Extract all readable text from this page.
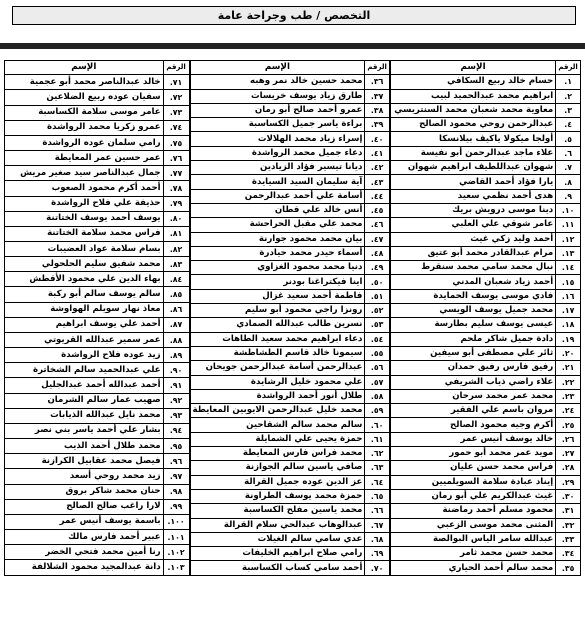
التخصص / طب وجراحة عامة
الرقم	الإسم
١.	حسام خالد ربيع السكافي
٢.	ابراهيم محمد عبدالحميد لبيب
٣.	معاوية محمد شعبان محمد السنتريسي
٤.	عبدالرحمن روحي محمود الصالح
٥.	أولجا ميكولا ياكيف بيلانسكا
٦.	علاء ماجد عبدالرحمن أبو نفيسة
٧.	شهوان عبداللطيف ابراهيم شهوان
٨.	يارا فؤاد أحمد القاضي
٩.	هدى أحمد نظمي سعيد
١٠.	دينا موسى درويش بريك
١١.	عامر شوقي علي العلبي
١٢.	أحمد وليد زكي غيث
١٣.	مرام عبدالقادر محمد أبو عتيق
١٤.	نبال محمد سامي محمد سنقرط
١٥.	أحمد زياد شعبان المدني
١٦.	فادي موسى يوسف الحمايدة
١٧.	محمد جميل يوسف الويسي
١٨.	عيسى يوسف سليم بطارسة
١٩.	دادة جميل شاكر ملحم
٢٠.	ثائر علي مصطفى أبو سيفين
٢١.	رفيق فارس رفيق حمدان
٢٢.	علاء راضي ذياب الشريفي
٢٣.	محمد عمر محمد سرحان
٢٤.	مروان باسم علي الفقير
٢٥.	أكرم وجيه محمود الصالح
٢٦.	خالد يوسف أنيس عمر
٢٧.	مويد عمر محمد أبو حمور
٢٨.	فراس محمد حسن عليان
٢٩.	إيناد عبادة سلامة السويلميين
٣٠.	غيث عبدالكريم علي أبو رمان
٣١.	محمود مسلم أحمد رماضنة
٣٢.	المثنى محمد موسى الزعبي
٣٣.	عبدالله سامر الياس البوالصة
٣٤.	محمد حسن محمد ثامر
٣٥.	محمد سالم أحمد الحياري
الرقم	الإسم
٣٦.	محمد حسين خالد نمر وهبه
٣٧.	طارق زياد يوسف خريسات
٣٨.	عمرو أحمد صالح أبو رمان
٣٩.	براءة ياسر جميل الكساسبة
٤٠.	إسراء زياد محمد الهلالات
٤١.	دعاء جميل محمد الرواشدة
٤٢.	ديانا تيسير فؤاد الزيادين
٤٣.	آية سليمان السيد السيايدة
٤٤.	أسامة علي أحمد عبدالرحمن
٤٥.	أنس خالد علي قطان
٤٦.	محمد علي مقبل الحراحشة
٤٧.	بيان محمد محمود جوارنة
٤٨.	أسماء حيدر محمد حيادرة
٤٩.	دنيا محمد محمود الغزاوي
٥٠.	اينا فيكتراغنا بودنر
٥١.	فاطمة أحمد سعيد غزال
٥٢.	رونزا راجي محمود أبو سليم
٥٣.	نسرين طالب عبدالله الصمادي
٥٤.	دعاء ابراهيم محمد سعيد الطاهات
٥٥.	سيمونا خالد قاسم الطشاطشة
٥٦.	عبدالرحمن أسامة عبدالرحمن جويحان
٥٧.	علي محمود خليل الرشايدة
٥٨.	طلال أنور أحمد الرواشدة
٥٩.	محمد خليل عبدالرحمن الايوبين المعايطة
٦٠.	سالم محمد سالم الشقاحين
٦١.	حمزة يحيى علي الشمايلة
٦٢.	محمد فراس فارس المعايطة
٦٣.	صافي ياسين سالم الجوازنة
٦٤.	عز الدين عوده جميل القرالة
٦٥.	حمزة محمد يوسف الطراونة
٦٦.	محمد ياسين مفلح الكساسبة
٦٧.	عبدالوهاب عبدالحي سلام القرالة
٦٨.	عدي سامي سالم الغيلات
٦٩.	رامي صلاح ابراهيم الخليفات
٧٠.	أحمد سامي كساب الكساسبة
الرقم	الإسم
٧١.	خالد عبدالناصر محمد أبو عجمية
٧٢.	سفيان عوده ربيع الضلاعين
٧٣.	عامر موسى سلامة الكساسبة
٧٤.	عمرو زكريا محمد الرواشدة
٧٥.	رامي سلمان عوده الرواشدة
٧٦.	عمر حسين عمر المعايطة
٧٧.	جمال عبدالناصر سيد صغير مريش
٧٨.	أحمد أكرم محمود الصعوب
٧٩.	حذيفة علي فلاح الرواشدة
٨٠.	يوسف أحمد يوسف الختاتنة
٨١.	فراس محمد سلامة الختاتنة
٨٢.	بسام سلامة عواد العضيبات
٨٣.	محمد شفيق سليم الحلحولي
٨٤.	بهاء الدين علي محمود الأقطش
٨٥.	سالم يوسف سالم أبو ركبة
٨٦.	معاذ نهار سويلم الهواوشة
٨٧.	أحمد علي يوسف ابراهيم
٨٨.	عمر سمير عبدالله القريوتي
٨٩.	زيد عوده فلاح الرواشدة
٩٠.	علي عبدالحميد سالم الشخاترة
٩١.	أحمد عبدالله أحمد عبدالجليل
٩٢.	صهيب عمار سالم الشرمان
٩٣.	محمد نايل عبدالله الذيابات
٩٤.	بشار علي أحمد ياسر بني نصر
٩٥.	محمد طلال أحمد الذيب
٩٦.	فيصل محمد عقابيل الكرازنة
٩٧.	زيد محمد روحي أسعد
٩٨.	حنان محمد شاكر بروق
٩٩.	لارا راغب صالح الصالح
١٠٠.	باسمة يوسف أنيس عمر
١٠١.	عبير أحمد فارس مالك
١٠٢.	رنا أمين محمد فتحي الخضر
١٠٣.	دانة عبدالمجيد محمود الشلالفة
